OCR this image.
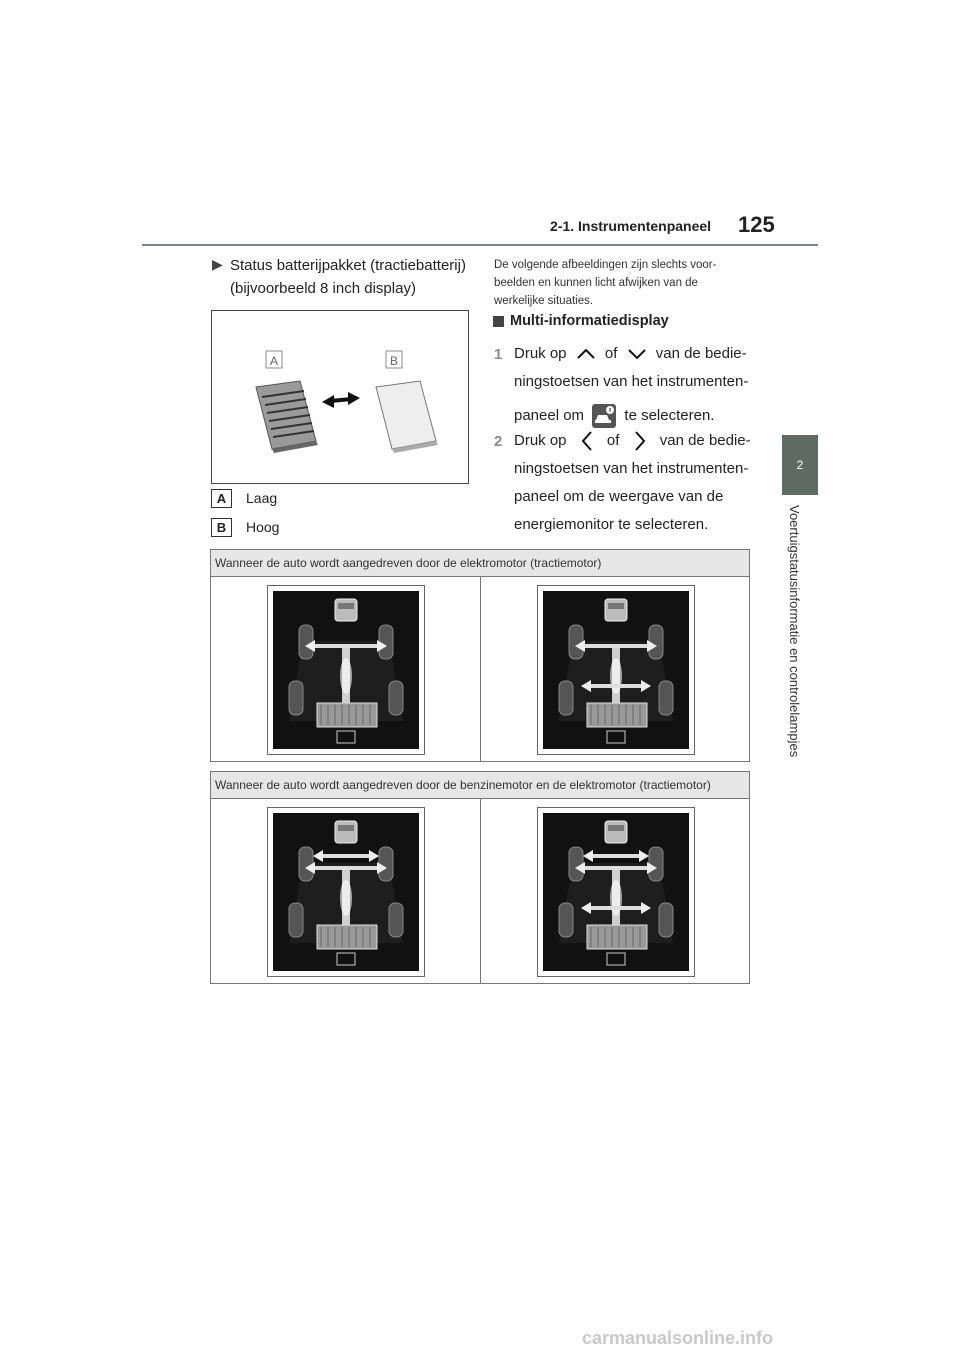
2-1. Instrumentenpaneel 125
2
Voertuigstatusinformatie en controlelampjes
▶ Status batterijpakket (tractiebatterij)
(bijvoorbeeld 8 inch display)
A	B
A	Laag
B	Hoog
De volgende afbeeldingen zijn slechts voor-
beelden en kunnen licht afwijken van de
werkelijke situaties.
Multi-informatiedisplay
1 Druk op	of	van de bedie-
ningstoetsen van het instrumenten-
paneel om	te selecteren.
2 Druk op	of	van de bedie-
ningstoetsen van het instrumenten-
paneel om de weergave van de
energiemonitor te selecteren.
Wanneer de auto wordt aangedreven door de elektromotor (tractiemotor)
Wanneer de auto wordt aangedreven door de benzinemotor en de elektromotor (tractiemotor)
carmanualsonline.info
